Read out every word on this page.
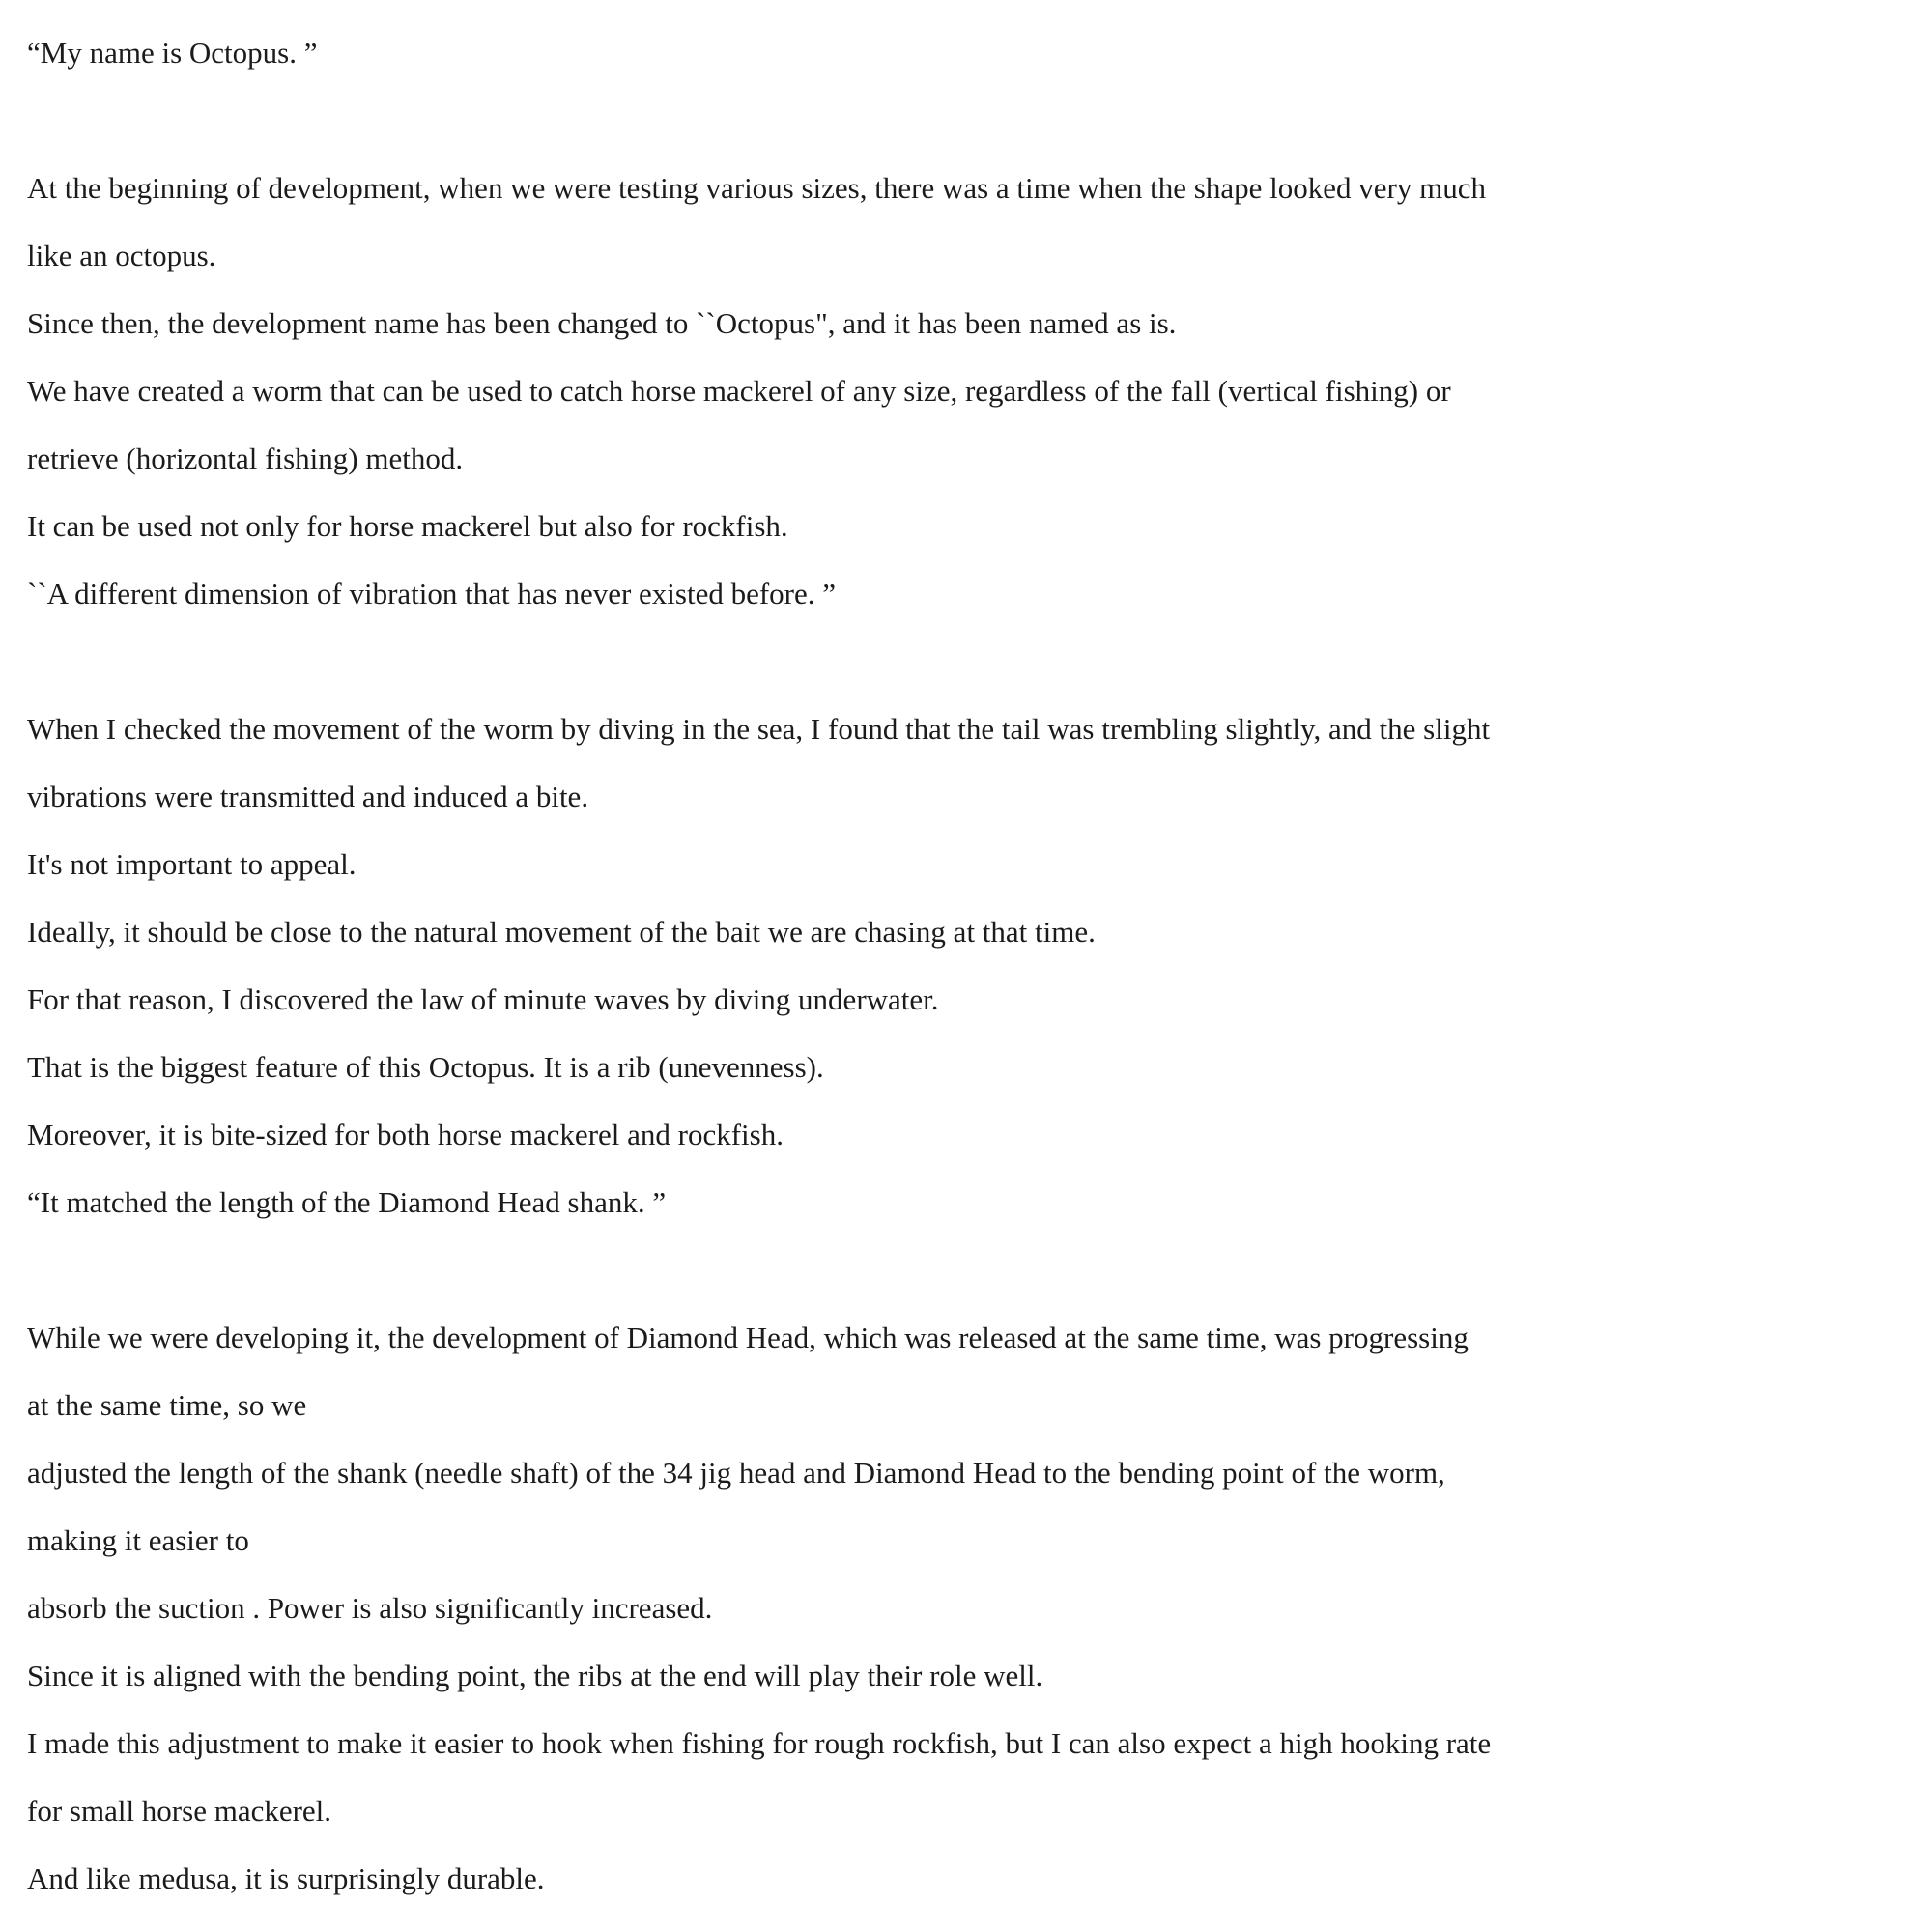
“My name is Octopus. ”
At the beginning of development, when we were testing various sizes, there was a time when the shape looked very much
like an octopus.
Since then, the development name has been changed to ``Octopus", and it has been named as is.
We have created a worm that can be used to catch horse mackerel of any size, regardless of the fall (vertical fishing) or
retrieve (horizontal fishing) method.
It can be used not only for horse mackerel but also for rockfish.
``A different dimension of vibration that has never existed before. ”
When I checked the movement of the worm by diving in the sea, I found that the tail was trembling slightly, and the slight
vibrations were transmitted and induced a bite.
It's not important to appeal.
Ideally, it should be close to the natural movement of the bait we are chasing at that time.
For that reason, I discovered the law of minute waves by diving underwater.
That is the biggest feature of this Octopus. It is a rib (unevenness).
Moreover, it is bite-sized for both horse mackerel and rockfish.
“It matched the length of the Diamond Head shank. ”
While we were developing it, the development of Diamond Head, which was released at the same time, was progressing
at the same time, so we
adjusted the length of the shank (needle shaft) of the 34 jig head and Diamond Head to the bending point of the worm,
making it easier to
absorb the suction . Power is also significantly increased.
Since it is aligned with the bending point, the ribs at the end will play their role well.
I made this adjustment to make it easier to hook when fishing for rough rockfish, but I can also expect a high hooking rate
for small horse mackerel.
And like medusa, it is surprisingly durable.
